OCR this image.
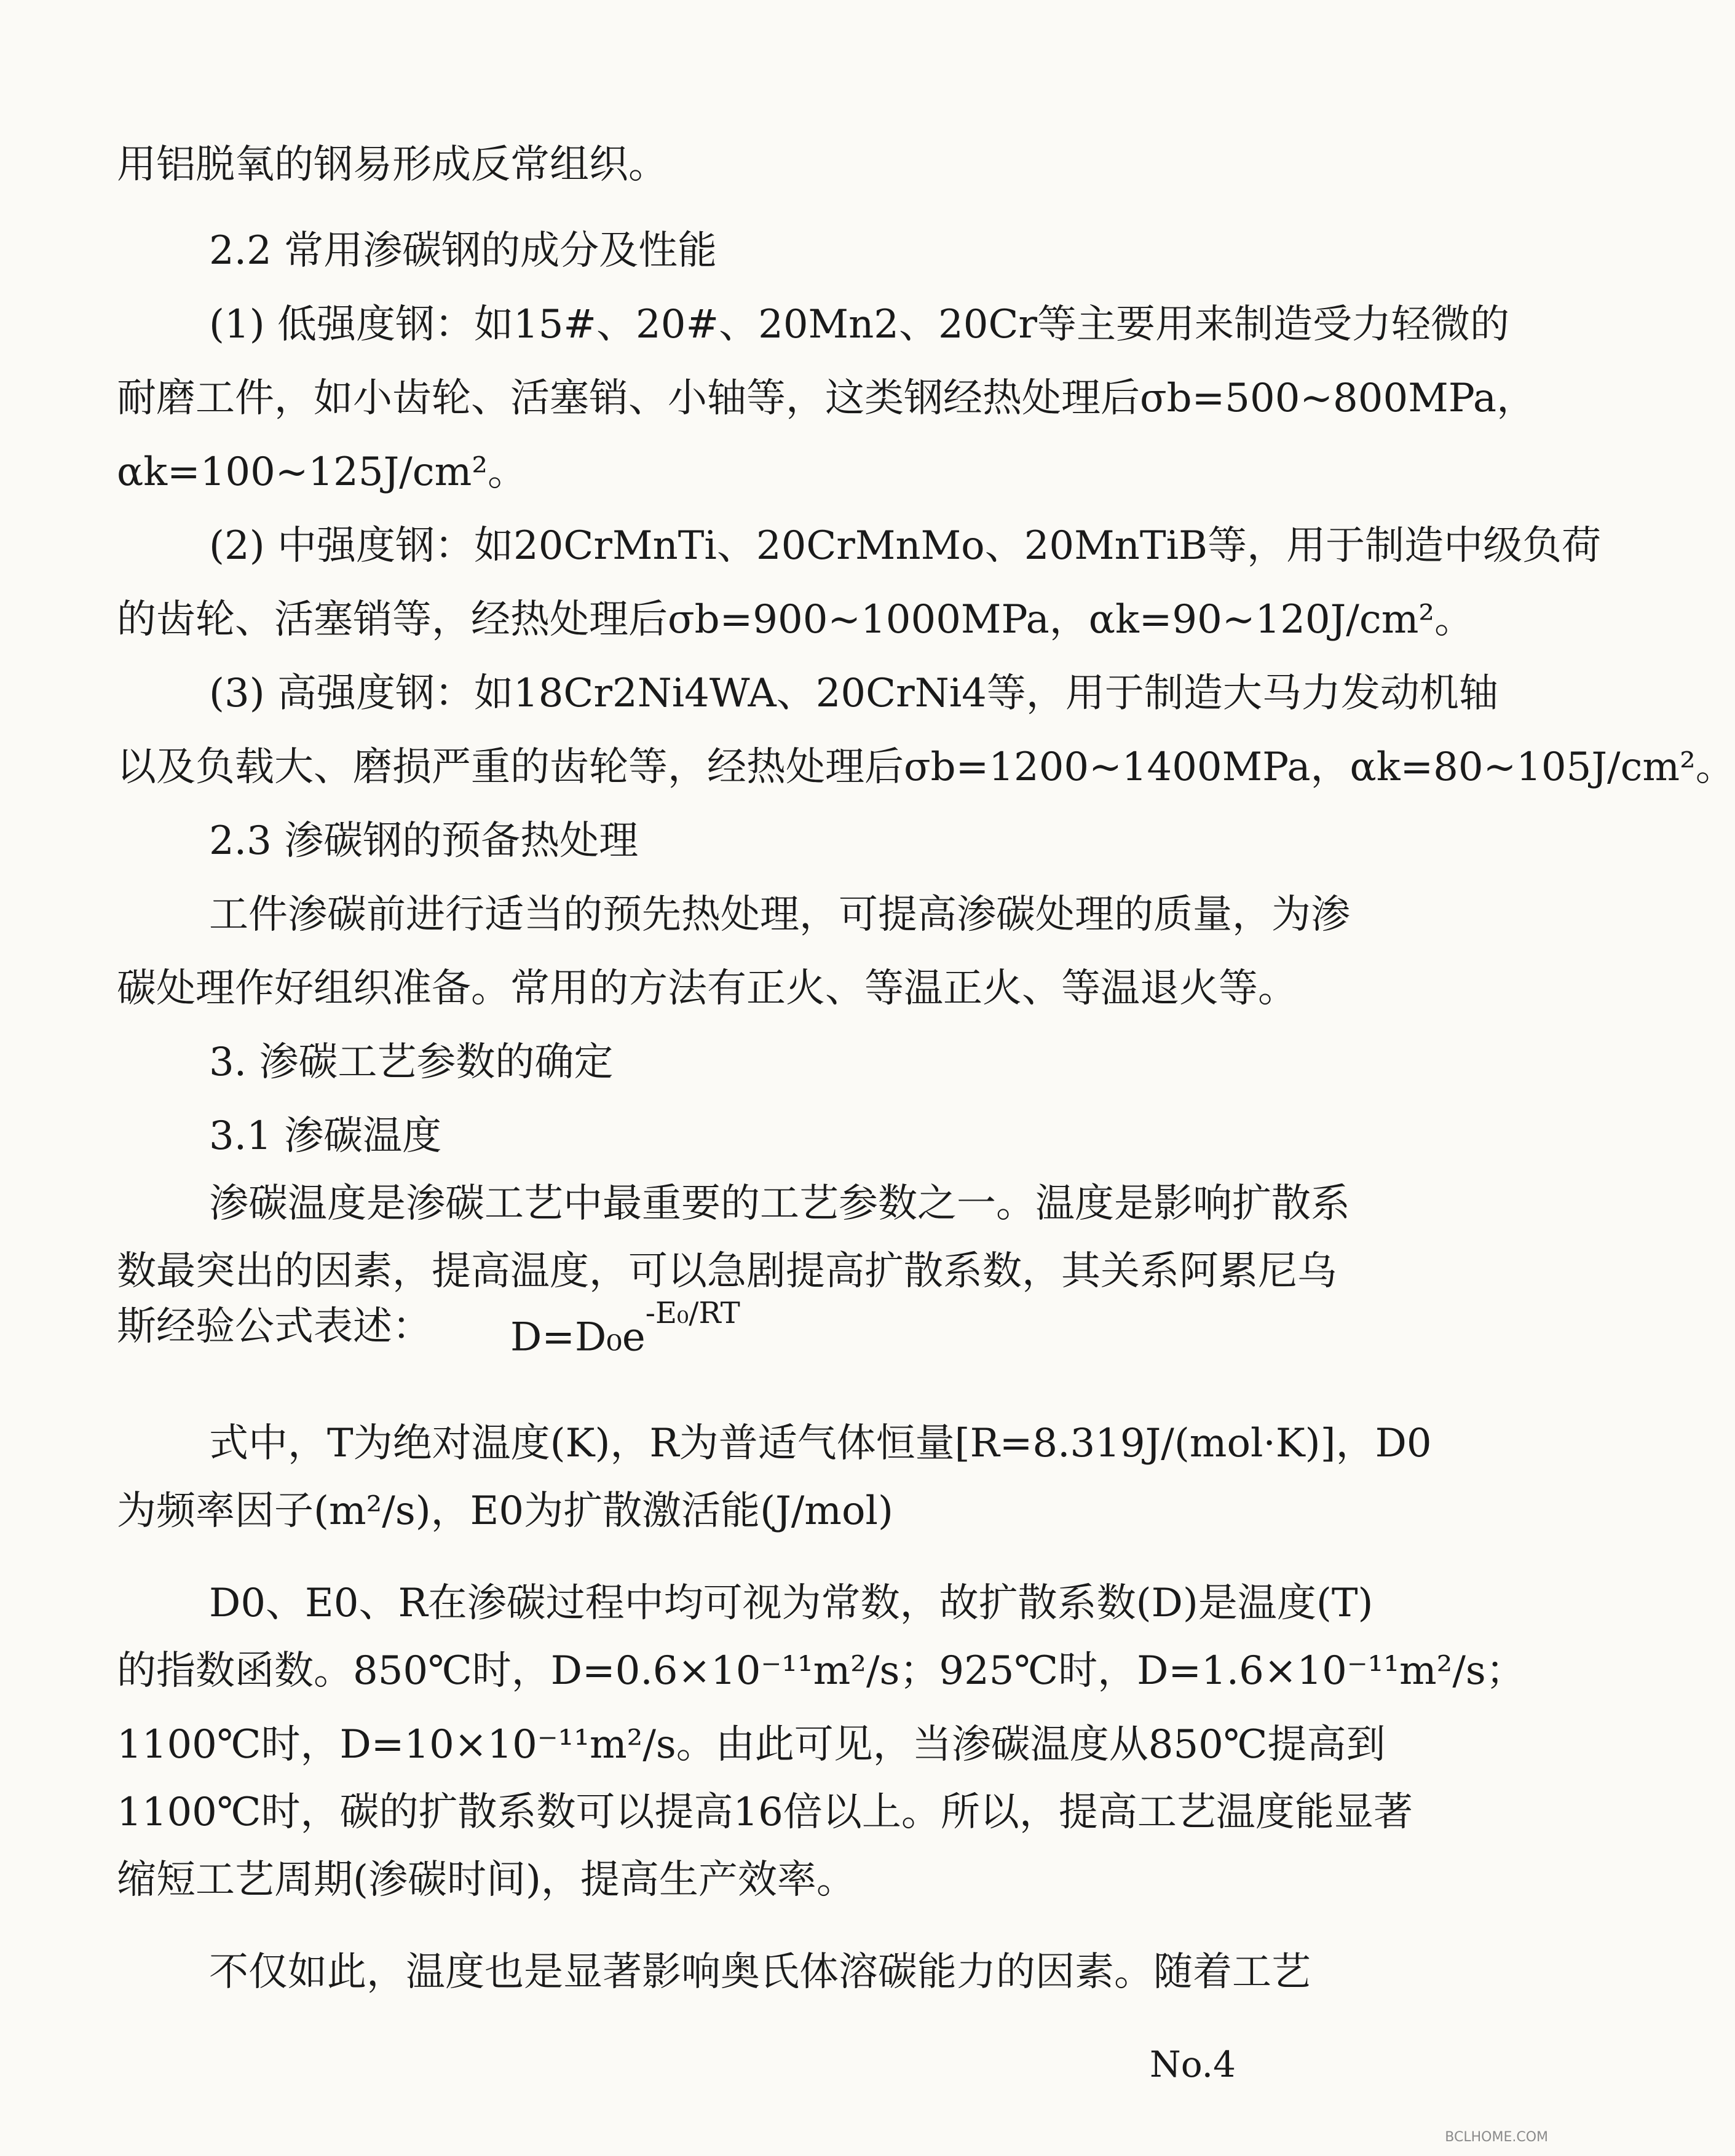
用铝脱氧的钢易形成反常组织。
2.2 常用渗碳钢的成分及性能
(1) 低强度钢：如15#、20#、20Mn2、20Cr等主要用来制造受力轻微的
耐磨工件，如小齿轮、活塞销、小轴等，这类钢经热处理后σb=500~800MPa，
αk=100~125J/cm²。
(2) 中强度钢：如20CrMnTi、20CrMnMo、20MnTiB等，用于制造中级负荷
的齿轮、活塞销等，经热处理后σb=900~1000MPa，αk=90~120J/cm²。
(3) 高强度钢：如18Cr2Ni4WA、20CrNi4等，用于制造大马力发动机轴
以及负载大、磨损严重的齿轮等，经热处理后σb=1200~1400MPa，αk=80~105J/cm²。
2.3 渗碳钢的预备热处理
工件渗碳前进行适当的预先热处理，可提高渗碳处理的质量，为渗
碳处理作好组织准备。常用的方法有正火、等温正火、等温退火等。
3. 渗碳工艺参数的确定
3.1 渗碳温度
渗碳温度是渗碳工艺中最重要的工艺参数之一。温度是影响扩散系
数最突出的因素，提高温度，可以急剧提高扩散系数，其关系阿累尼乌
斯经验公式表述：	$D=D_0e^{-E_0/RT}$
式中，T为绝对温度(K)，R为普适气体恒量[R=8.319J/(mol·K)]，D0
为频率因子(m²/s)，E0为扩散激活能(J/mol)
D0、E0、R在渗碳过程中均可视为常数，故扩散系数(D)是温度(T)
的指数函数。850℃时，D=0.6×10⁻¹¹m²/s；925℃时，D=1.6×10⁻¹¹m²/s；
1100℃时，D=10×10⁻¹¹m²/s。由此可见，当渗碳温度从850℃提高到
1100℃时，碳的扩散系数可以提高16倍以上。所以，提高工艺温度能显著
缩短工艺周期(渗碳时间)，提高生产效率。
不仅如此，温度也是显著影响奥氏体溶碳能力的因素。随着工艺
No.4
BCLHOME.COM
